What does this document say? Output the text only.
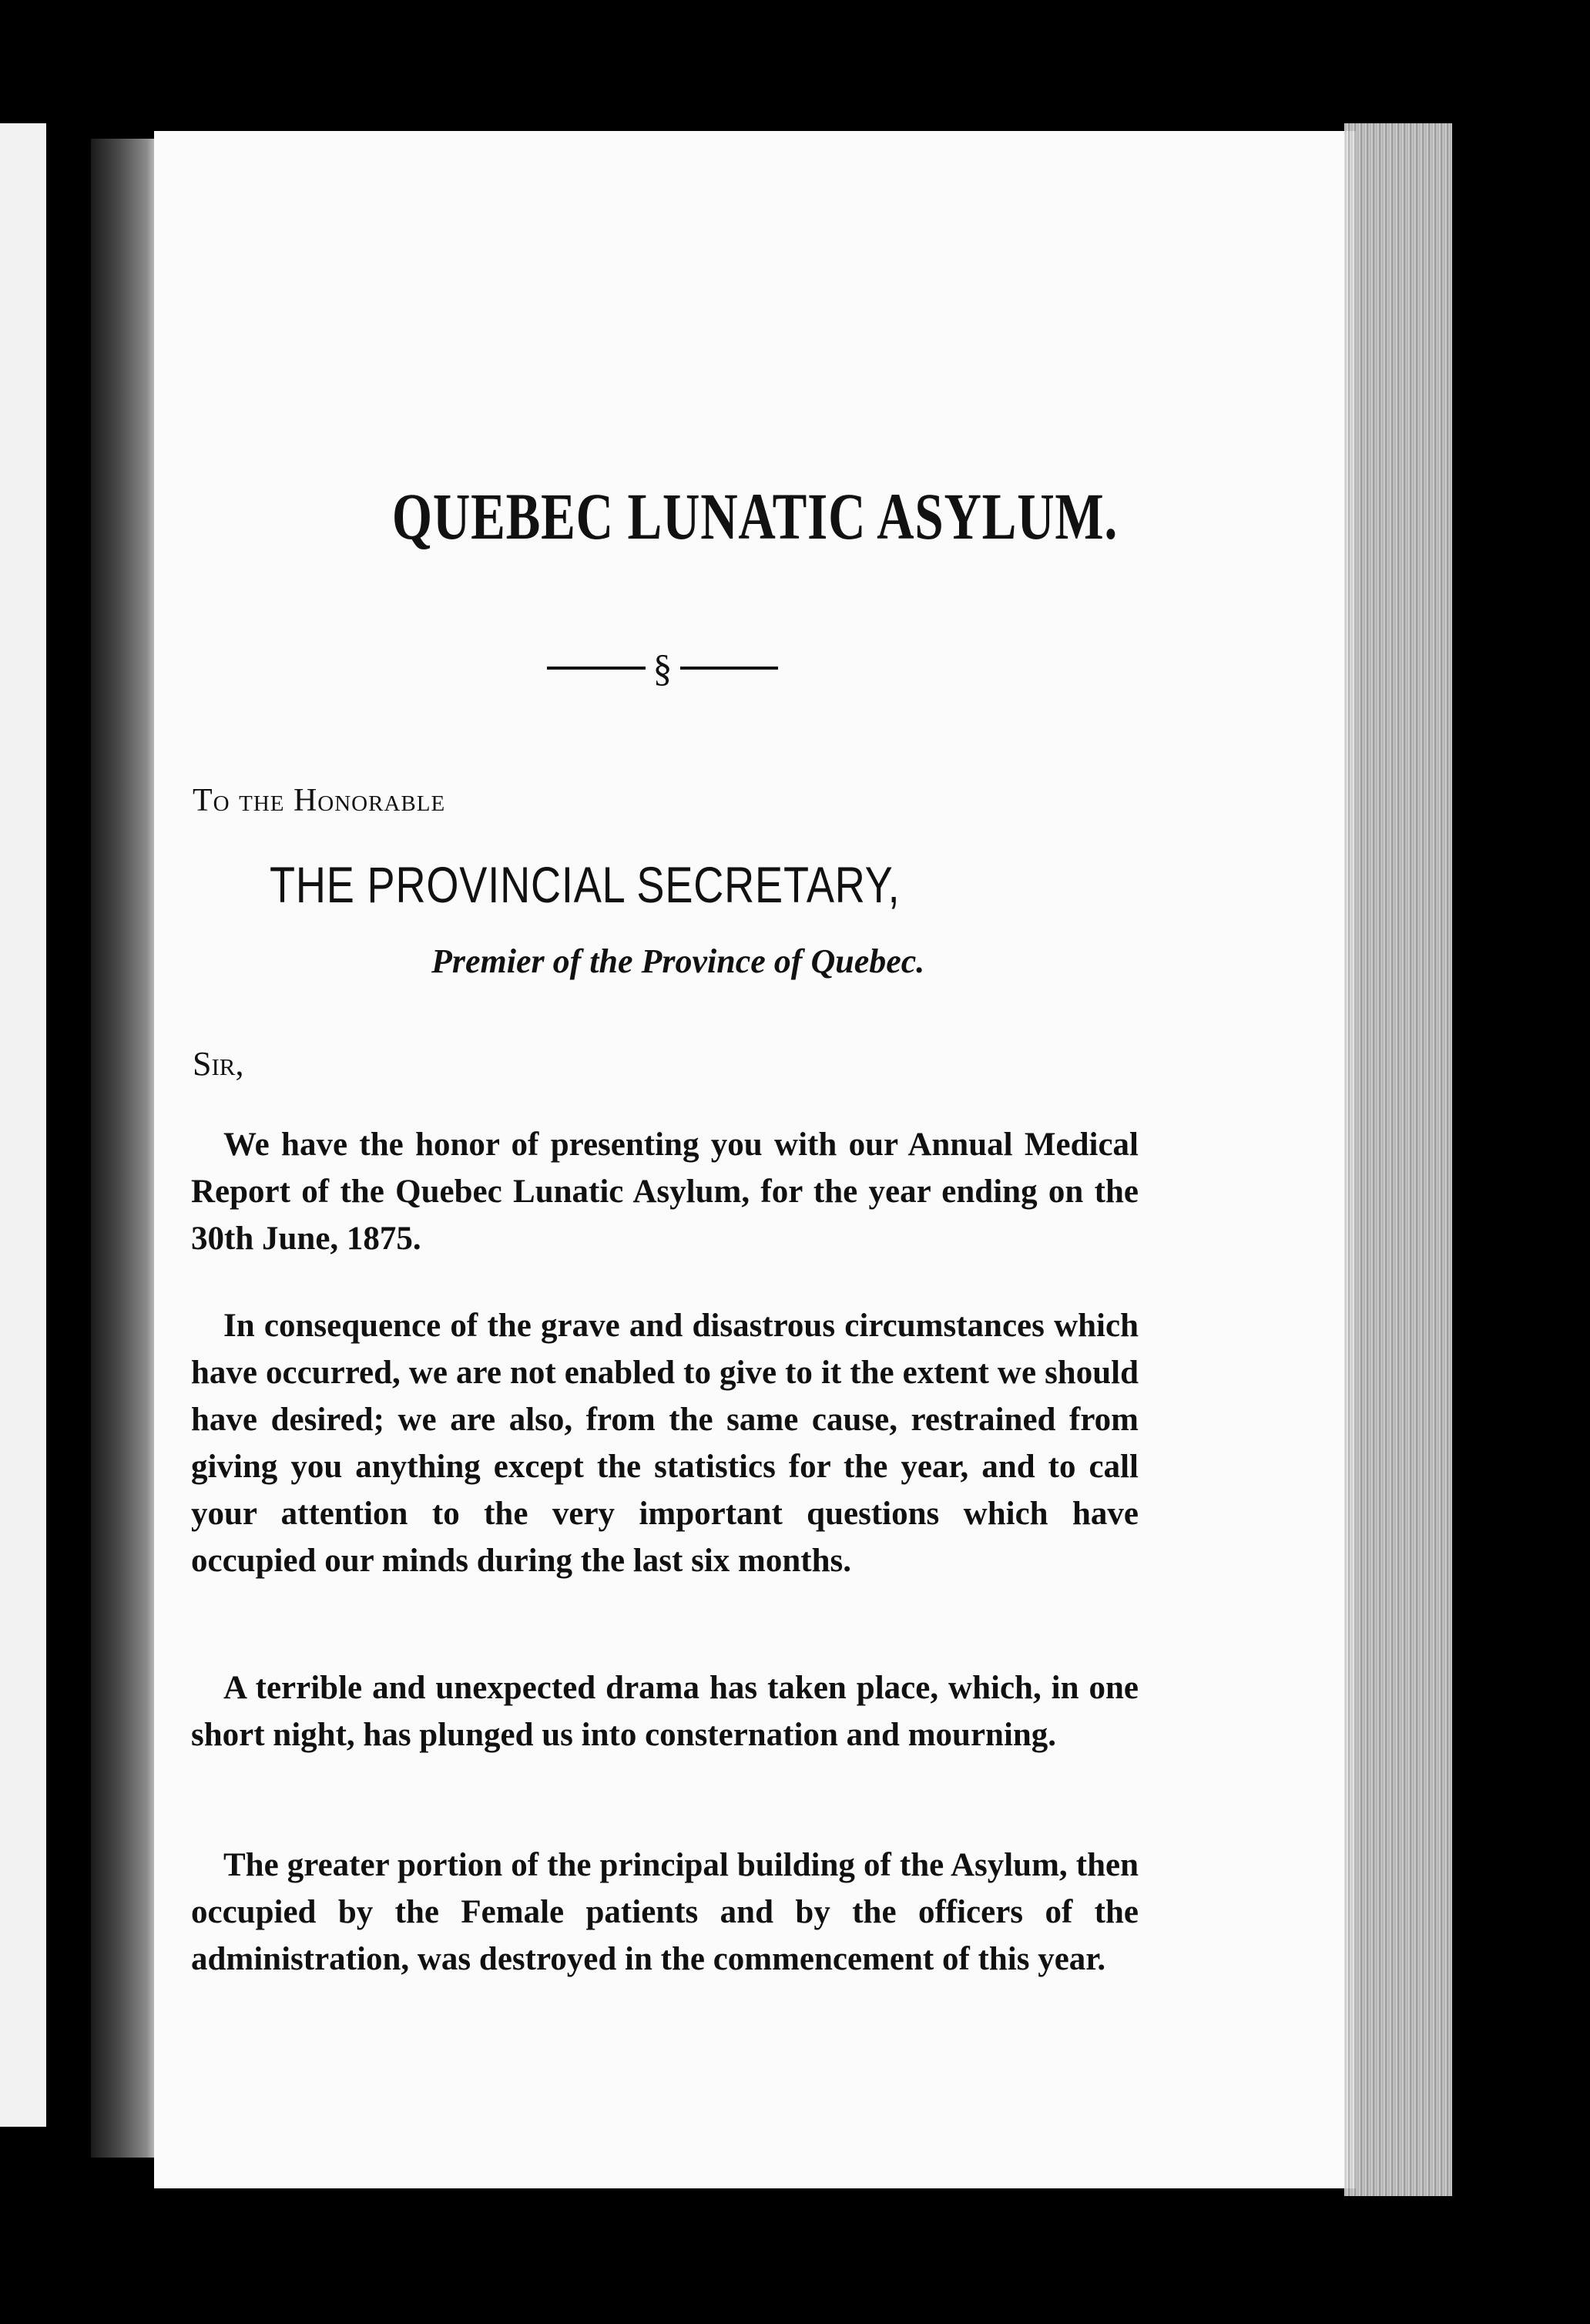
QUEBEC LUNATIC ASYLUM.
§

To the Honorable

THE PROVINCIAL SECRETARY,

Premier of the Province of Quebec.

Sir,

We have the honor of presenting you with our Annual Medical Report of the Quebec Lunatic Asylum, for the year ending on the 30th June, 1875.

In consequence of the grave and disastrous circumstances which have occurred, we are not enabled to give to it the extent we should have desired; we are also, from the same cause, restrained from giving you anything except the statistics for the year, and to call your attention to the very important questions which have occupied our minds during the last six months.

A terrible and unexpected drama has taken place, which, in one short night, has plunged us into consternation and mourning.

The greater portion of the principal building of the Asylum, then occupied by the Female patients and by the officers of the administration, was destroyed in the commencement of this year.
